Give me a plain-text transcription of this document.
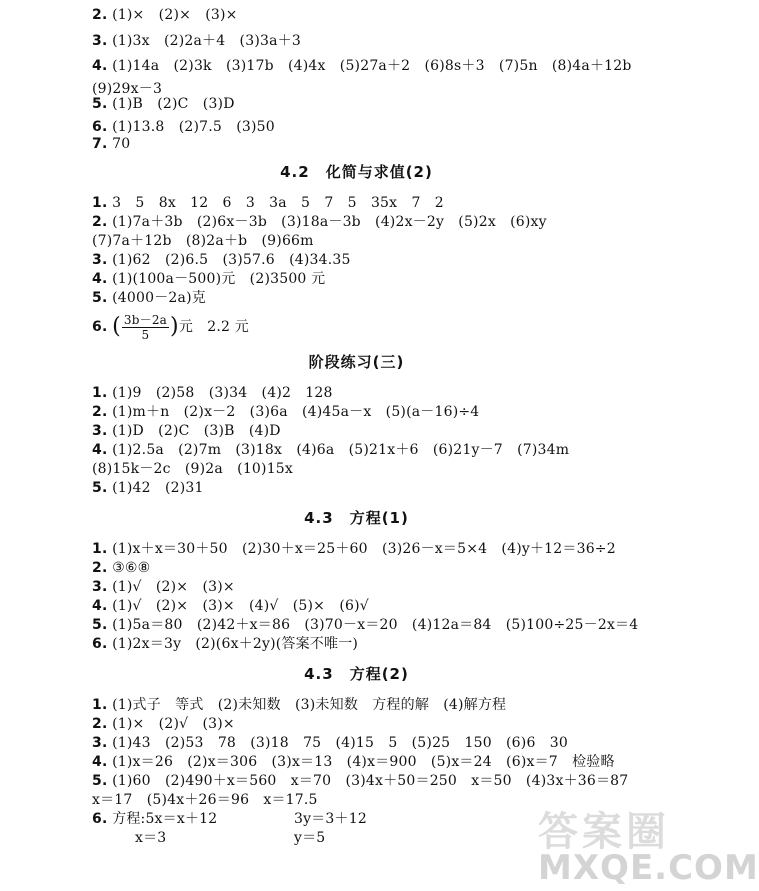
2. (1)×　(2)×　(3)×
3. (1)3x　(2)2a＋4　(3)3a＋3
4. (1)14a　(2)3k　(3)17b　(4)4x　(5)27a＋2　(6)8s＋3　(7)5n　(8)4a＋12b
(9)29x－3
5. (1)B　(2)C　(3)D
6. (1)13.8　(2)7.5　(3)50
7. 70
4.2　化简与求值(2)
1. 3　5　8x　12　6　3　3a　5　7　5　35x　7　2
2. (1)7a＋3b　(2)6x－3b　(3)18a－3b　(4)2x－2y　(5)2x　(6)xy
(7)7a＋12b　(8)2a＋b　(9)66m
3. (1)62　(2)6.5　(3)57.6　(4)34.35
4. (1)(100a－500)元　(2)3500 元
5. (4000－2a)克
6. ( $\frac{3b-2a}{5}$ )元　2.2 元
阶段练习(三)
1. (1)9　(2)58　(3)34　(4)2　128
2. (1)m＋n　(2)x－2　(3)6a　(4)45a－x　(5)(a－16)÷4
3. (1)D　(2)C　(3)B　(4)D
4. (1)2.5a　(2)7m　(3)18x　(4)6a　(5)21x＋6　(6)21y－7　(7)34m
(8)15k－2c　(9)2a　(10)15x
5. (1)42　(2)31
4.3　方程(1)
1. (1)x＋x＝30＋50　(2)30＋x＝25＋60　(3)26－x＝5×4　(4)y＋12＝36÷2
2. ③⑥⑧
3. (1)√　(2)×　(3)×
4. (1)√　(2)×　(3)×　(4)√　(5)×　(6)√
5. (1)5a＝80　(2)42＋x＝86　(3)70－x＝20　(4)12a＝84　(5)100÷25－2x＝4
6. (1)2x＝3y　(2)(6x＋2y)(答案不唯一)
4.3　方程(2)
1. (1)式子　等式　(2)未知数　(3)未知数　方程的解　(4)解方程
2. (1)×　(2)√　(3)×
3. (1)43　(2)53　78　(3)18　75　(4)15　5　(5)25　150　(6)6　30
4. (1)x＝26　(2)x＝306　(3)x＝13　(4)x＝900　(5)x＝24　(6)x＝7　检验略
5. (1)60　(2)490＋x＝560　x＝70　(3)4x＋50＝250　x＝50　(4)3x＋36＝87
x＝17　(5)4x＋26＝96　x＝17.5
6. 方程:5x＝x＋12	3y＝3＋12
x＝3	y＝5	答案圈
MXQE.COM
